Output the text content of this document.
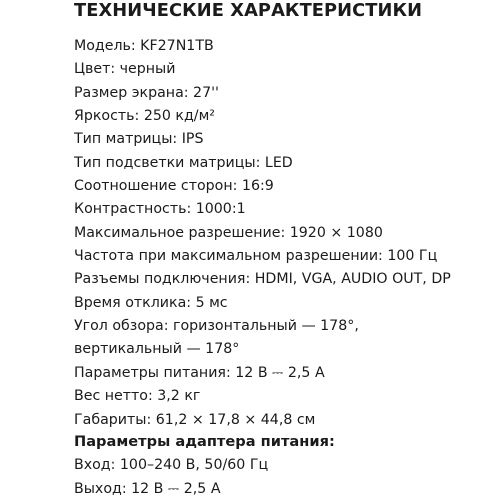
ТЕХНИЧЕСКИЕ ХАРАКТЕРИСТИКИ
Модель: KF27N1TB
Цвет: черный
Размер экрана: 27''
Яркость: 250 кд/м²
Тип матрицы: IPS
Тип подсветки матрицы: LED
Соотношение сторон: 16:9
Контрастность: 1000:1
Максимальное разрешение: 1920 × 1080
Частота при максимальном разрешении: 100 Гц
Разъемы подключения: HDMI, VGA, AUDIO OUT, DP
Время отклика: 5 мс
Угол обзора: горизонтальный — 178°,
вертикальный — 178°
Параметры питания: 12 В ⎓ 2,5 А
Вес нетто: 3,2 кг
Габариты: 61,2 × 17,8 × 44,8 см
Параметры адаптера питания:
Вход: 100–240 В, 50/60 Гц
Выход: 12 В ⎓ 2,5 А
